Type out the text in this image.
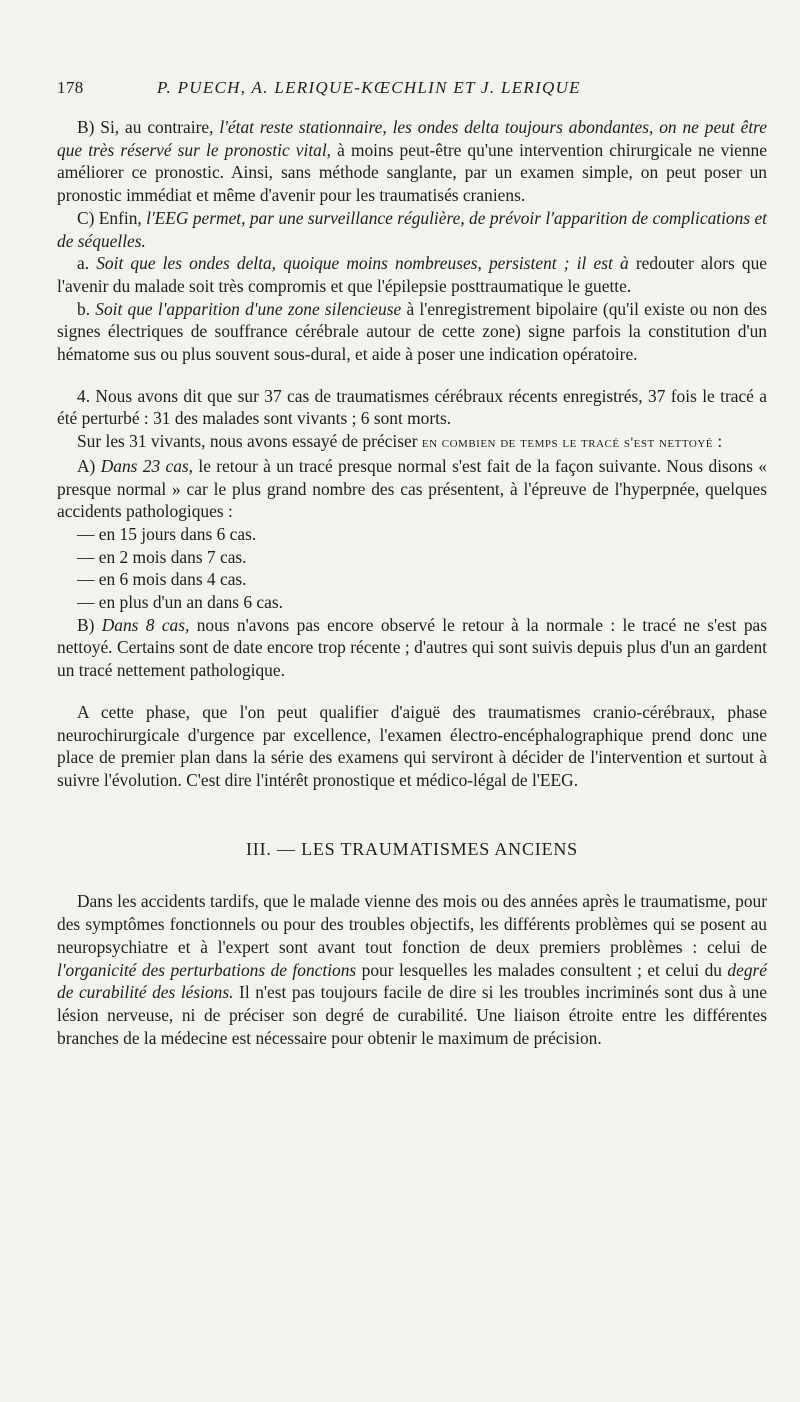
178	P. PUECH, A. LERIQUE-KŒCHLIN ET J. LERIQUE

B) Si, au contraire, l'état reste stationnaire, les ondes delta toujours abondantes, on ne peut être que très réservé sur le pronostic vital, à moins peut-être qu'une intervention chirurgicale ne vienne améliorer ce pronostic. Ainsi, sans méthode sanglante, par un examen simple, on peut poser un pronostic immédiat et même d'avenir pour les traumatisés craniens.

C) Enfin, l'EEG permet, par une surveillance régulière, de prévoir l'apparition de complications et de séquelles.

a. Soit que les ondes delta, quoique moins nombreuses, persistent ; il est à redouter alors que l'avenir du malade soit très compromis et que l'épilepsie posttraumatique le guette.

b. Soit que l'apparition d'une zone silencieuse à l'enregistrement bipolaire (qu'il existe ou non des signes électriques de souffrance cérébrale autour de cette zone) signe parfois la constitution d'un hématome sus ou plus souvent sous-dural, et aide à poser une indication opératoire.

4. Nous avons dit que sur 37 cas de traumatismes cérébraux récents enregistrés, 37 fois le tracé a été perturbé : 31 des malades sont vivants ; 6 sont morts.

Sur les 31 vivants, nous avons essayé de préciser en combien de temps le tracé s'est nettoyé :

A) Dans 23 cas, le retour à un tracé presque normal s'est fait de la façon suivante. Nous disons « presque normal » car le plus grand nombre des cas présentent, à l'épreuve de l'hyperpnée, quelques accidents pathologiques :

— en 15 jours dans 6 cas.

— en 2 mois dans 7 cas.

— en 6 mois dans 4 cas.

— en plus d'un an dans 6 cas.

B) Dans 8 cas, nous n'avons pas encore observé le retour à la normale : le tracé ne s'est pas nettoyé. Certains sont de date encore trop récente ; d'autres qui sont suivis depuis plus d'un an gardent un tracé nettement pathologique.

A cette phase, que l'on peut qualifier d'aiguë des traumatismes cranio-cérébraux, phase neurochirurgicale d'urgence par excellence, l'examen électro-encéphalographique prend donc une place de premier plan dans la série des examens qui serviront à décider de l'intervention et surtout à suivre l'évolution. C'est dire l'intérêt pronostique et médico-légal de l'EEG.

III. — LES TRAUMATISMES ANCIENS

Dans les accidents tardifs, que le malade vienne des mois ou des années après le traumatisme, pour des symptômes fonctionnels ou pour des troubles objectifs, les différents problèmes qui se posent au neuropsychiatre et à l'expert sont avant tout fonction de deux premiers problèmes : celui de l'organicité des perturbations de fonctions pour lesquelles les malades consultent ; et celui du degré de curabilité des lésions. Il n'est pas toujours facile de dire si les troubles incriminés sont dus à une lésion nerveuse, ni de préciser son degré de curabilité. Une liaison étroite entre les différentes branches de la médecine est nécessaire pour obtenir le maximum de précision.
